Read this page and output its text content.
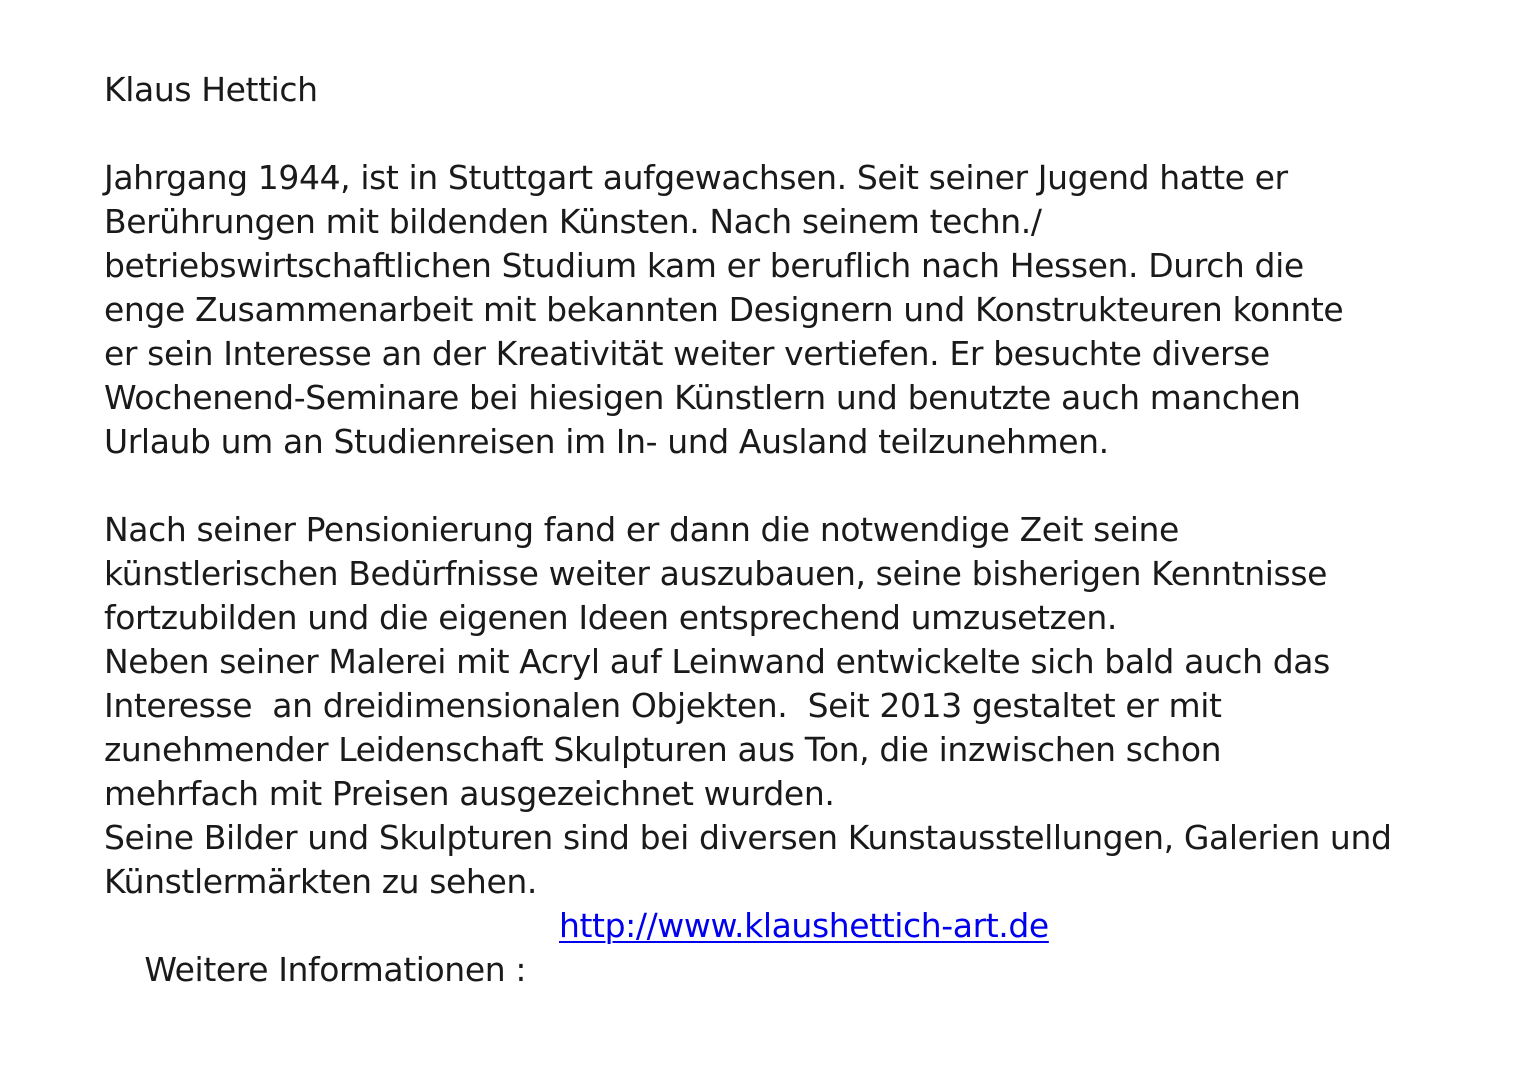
Klaus Hettich
Jahrgang 1944, ist in Stuttgart aufgewachsen. Seit seiner Jugend hatte er
Berührungen mit bildenden Künsten. Nach seinem techn./
betriebswirtschaftlichen Studium kam er beruflich nach Hessen. Durch die
enge Zusammenarbeit mit bekannten Designern und Konstrukteuren konnte
er sein Interesse an der Kreativität weiter vertiefen. Er besuchte diverse
Wochenend-Seminare bei hiesigen Künstlern und benutzte auch manchen
Urlaub um an Studienreisen im In- und Ausland teilzunehmen.
Nach seiner Pensionierung fand er dann die notwendige Zeit seine
künstlerischen Bedürfnisse weiter auszubauen, seine bisherigen Kenntnisse
fortzubilden und die eigenen Ideen entsprechend umzusetzen.
Neben seiner Malerei mit Acryl auf Leinwand entwickelte sich bald auch das
Interesse  an dreidimensionalen Objekten.  Seit 2013 gestaltet er mit
zunehmender Leidenschaft Skulpturen aus Ton, die inzwischen schon
mehrfach mit Preisen ausgezeichnet wurden.
Seine Bilder und Skulpturen sind bei diversen Kunstausstellungen, Galerien und
Künstlermärkten zu sehen.

Weitere Informationen :

http://www.klaushettich-art.de
